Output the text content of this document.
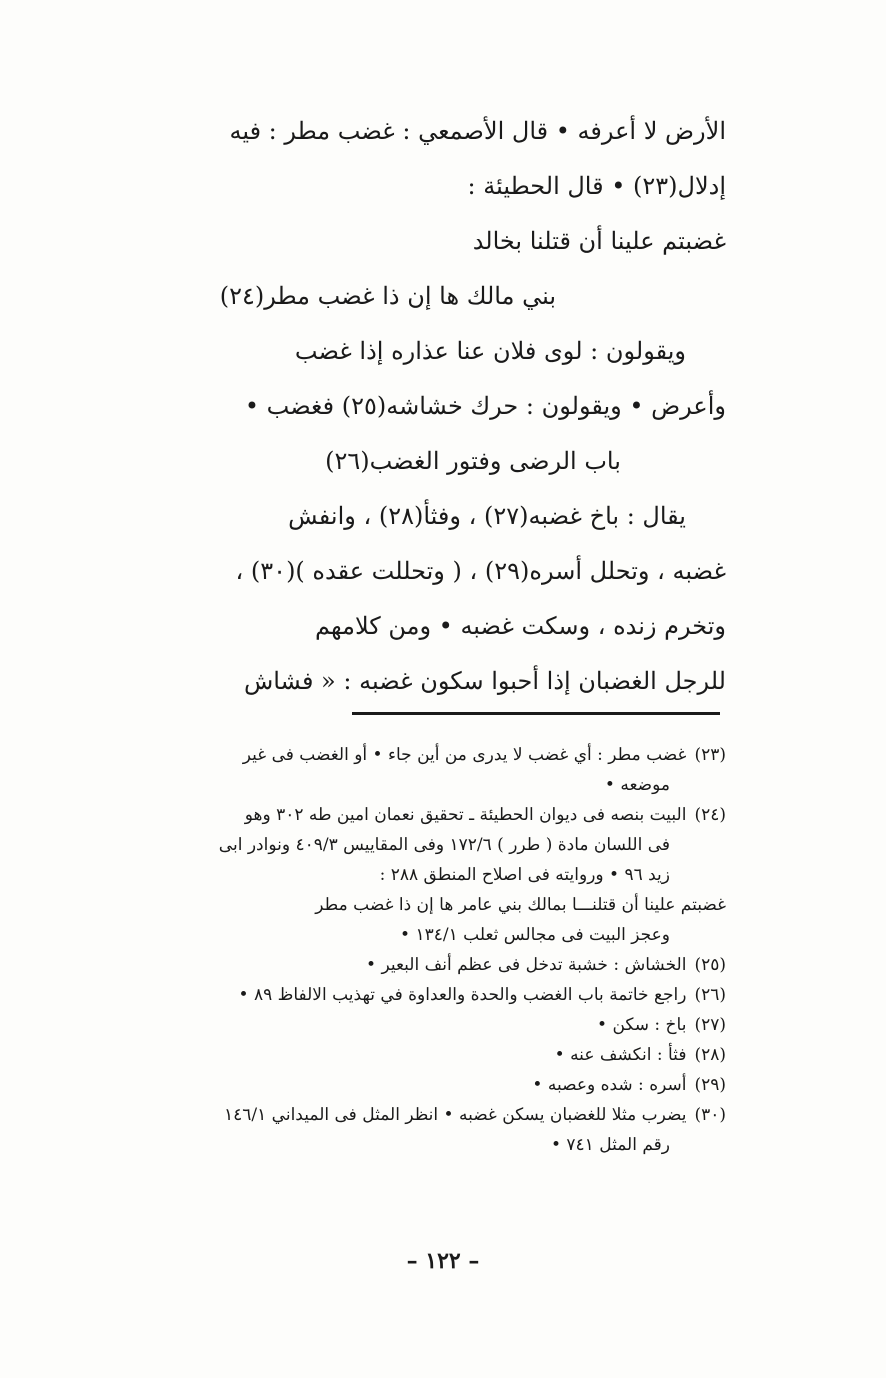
الأرض لا أعرفه • قال الأصمعي : غضب مطر : فيه

إدلال(٢٣) • قال الحطيئة :

غضبتم علينا أن قتلنا بخالد

بني مالك ها إن ذا غضب مطر(٢٤)

ويقولون : لوى فلان عنا عذاره إذا غضب

وأعرض • ويقولون : حرك خشاشه(٢٥) فغضب •

باب الرضى وفتور الغضب(٢٦)

يقال : باخ غضبه(٢٧) ، وفثأ(٢٨) ، وانفش

غضبه ، وتحلل أسره(٢٩) ، ( وتحللت عقده )(٣٠) ،

وتخرم زنده ، وسكت غضبه • ومن كلامهم

للرجل الغضبان إذا أحبوا سكون غضبه : « فشاش

(٢٣)غضب مطر : أي غضب لا يدرى من أين جاء • أو الغضب فى غير
موضعه •

(٢٤)البيت بنصه فى ديوان الحطيئة ـ تحقيق نعمان امين طه ٣٠٢ وهو
فى اللسان مادة ( طرر ) ١٧٢/٦ وفى المقاييس ٤٠٩/٣ ونوادر ابى
زيد ٩٦ • وروايته فى اصلاح المنطق ٢٨٨ :

غضبتم علينا أن قتلنـــا بمالك بني عامر ها إن ذا غضب مطر

وعجز البيت فى مجالس ثعلب ١٣٤/١ •

(٢٥)الخشاش : خشبة تدخل فى عظم أنف البعير •

(٢٦)راجع خاتمة باب الغضب والحدة والعداوة في تهذيب الالفاظ ٨٩ •

(٢٧)باخ : سكن •

(٢٨)فثأ : انكشف عنه •

(٢٩)أسره : شده وعصبه •

(٣٠)يضرب مثلا للغضبان يسكن غضبه • انظر المثل فى الميداني ١٤٦/١
رقم المثل ٧٤١ •

– ١٢٢ –
